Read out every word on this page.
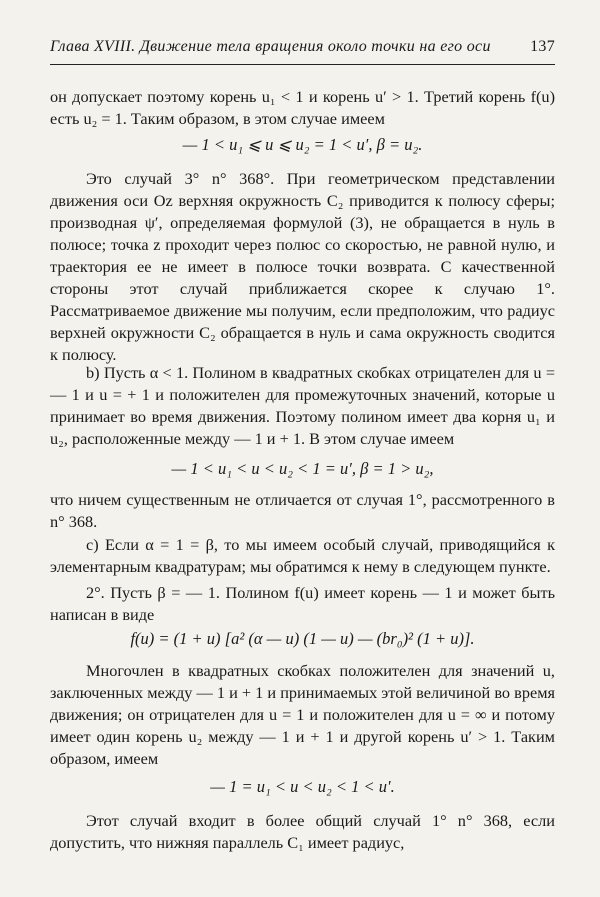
Глава XVIII. Движение тела вращения около точки на его оси 137
он допускает поэтому корень u₁ < 1 и корень u′ > 1. Третий корень f(u) есть u₂ = 1. Таким образом, в этом случае имеем
— 1 < u₁ ⩽ u ⩽ u₂ = 1 < u′, β = u₂.
Это случай 3° n° 368°. При геометрическом представлении движения оси Oz верхняя окружность C₂ приводится к полюсу сферы; производная ψ′, определяемая формулой (3), не обращается в нуль в полюсе; точка z проходит через полюс со скоростью, не равной нулю, и траектория ее не имеет в полюсе точки возврата. С качественной стороны этот случай приближается скорее к случаю 1°. Рассматриваемое движение мы получим, если предположим, что радиус верхней окружности C₂ обращается в нуль и сама окружность сводится к полюсу.
b) Пусть α < 1. Полином в квадратных скобках отрицателен для u = — 1 и u = + 1 и положителен для промежуточных значений, которые u принимает во время движения. Поэтому полином имеет два корня u₁ и u₂, расположенные между — 1 и + 1. В этом случае имеем
— 1 < u₁ < u < u₂ < 1 = u′, β = 1 > u₂,
что ничем существенным не отличается от случая 1°, рассмотренного в n° 368.
с) Если α = 1 = β, то мы имеем особый случай, приводящийся к элементарным квадратурам; мы обратимся к нему в следующем пункте.
2°. Пусть β = — 1. Полином f(u) имеет корень — 1 и может быть написан в виде
f(u) = (1 + u) [a² (α — u) (1 — u) — (br₀)² (1 + u)].
Многочлен в квадратных скобках положителен для значений u, заключенных между — 1 и + 1 и принимаемых этой величиной во время движения; он отрицателен для u = 1 и положителен для u = ∞ и потому имеет один корень u₂ между — 1 и + 1 и другой корень u′ > 1. Таким образом, имеем
— 1 = u₁ < u < u₂ < 1 < u′.
Этот случай входит в более общий случай 1° n° 368, если допустить, что нижняя параллель C₁ имеет радиус,
